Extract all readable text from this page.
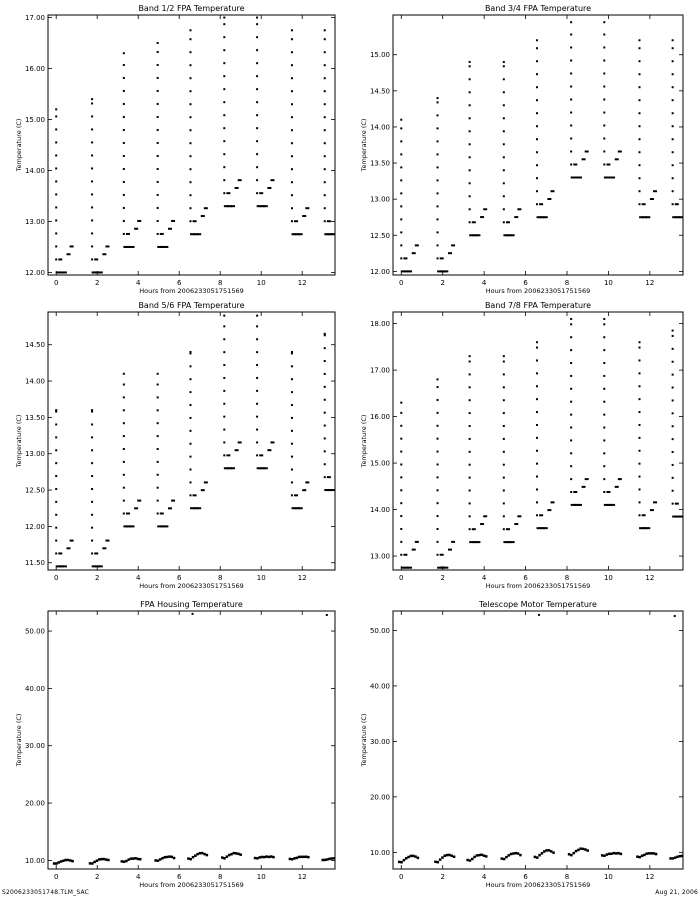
Band 1/2 FPA Temperature
0	2	4	6	8	10	12
12.00
13.00
14.00
15.00
16.00
17.00
Hours from 2006233051751569
Temperature (C)
Band 3/4 FPA Temperature
0	2	4	6	8	10	12
12.00
12.50
13.00
13.50
14.00
14.50
15.00
Hours from 2006233051751569
Temperature (C)
Band 5/6 FPA Temperature
0	2	4	6	8	10	12
11.50
12.00
12.50
13.00
13.50
14.00
14.50
Hours from 2006233051751569
Temperature (C)
Band 7/8 FPA Temperature
0	2	4	6	8	10	12
13.00
14.00
15.00
16.00
17.00
18.00
Hours from 2006233051751569
Temperature (C)
FPA Housing Temperature
0	2	4	6	8	10	12
10.00
20.00
30.00
40.00
50.00
Hours from 2006233051751569
Temperature (C)
Telescope Motor Temperature
0	2	4	6	8	10	12
10.00
20.00
30.00
40.00
50.00
Hours from 2006233051751569
Temperature (C)
S2006233051748.TLM_SAC	Aug 21, 2006
